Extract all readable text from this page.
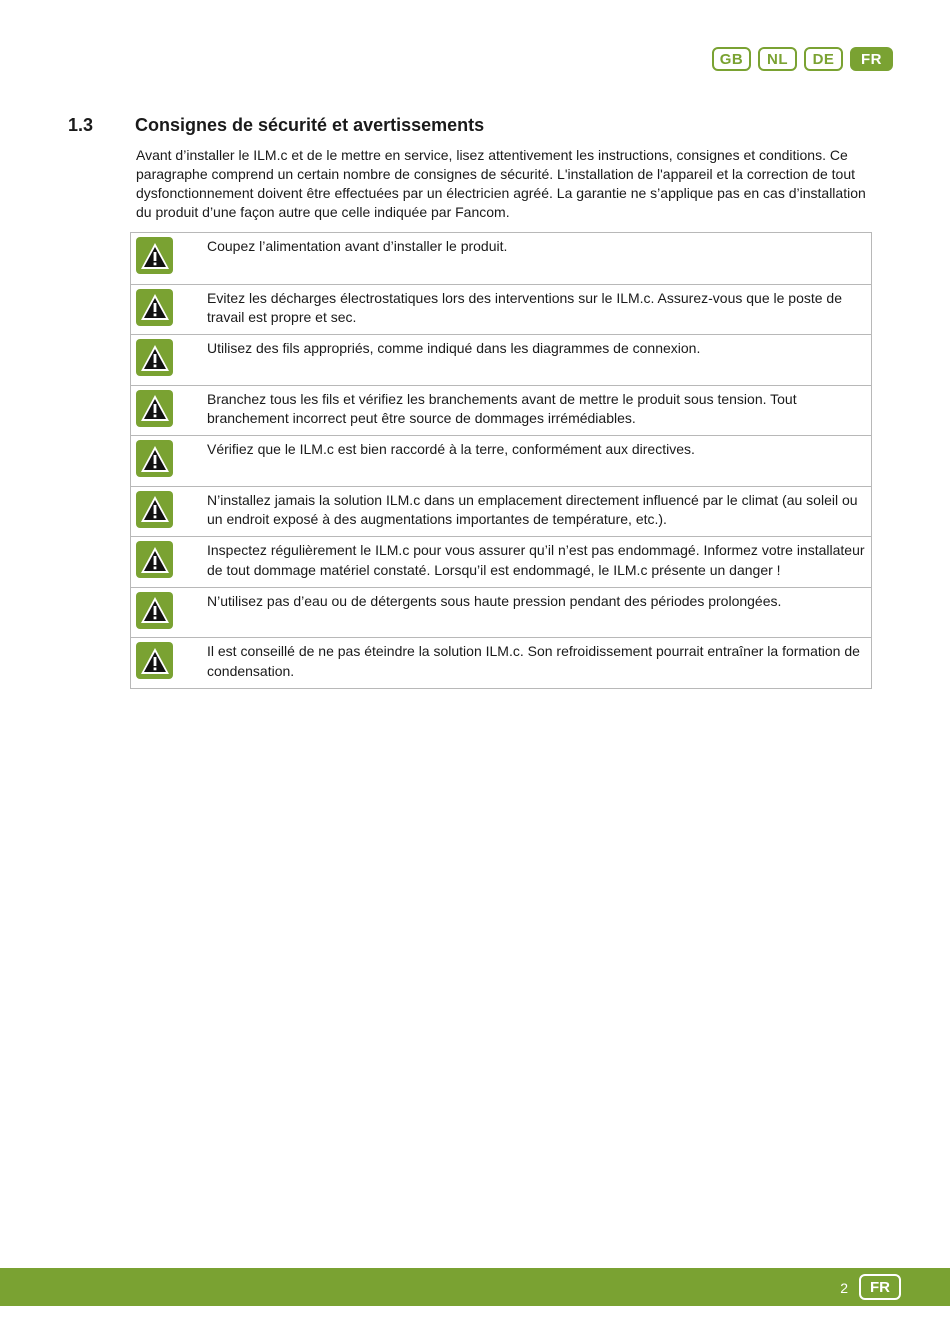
GB	NL	DE	FR
1.3 Consignes de sécurité et avertissements

Avant d’installer le ILM.c et de le mettre en service, lisez attentivement les instructions, consignes et conditions. Ce paragraphe comprend un certain nombre de consignes de sécurité. L'installation de l'appareil et la correction de tout dysfonctionnement doivent être effectuées par un électricien agréé. La garantie ne s’applique pas en cas d’installation du produit d’une façon autre que celle indiquée par Fancom.

Coupez l’alimentation avant d’installer le produit.
Evitez les décharges électrostatiques lors des interventions sur le ILM.c. Assurez-vous que le poste de travail est propre et sec.
Utilisez des fils appropriés, comme indiqué dans les diagrammes de connexion.
Branchez tous les fils et vérifiez les branchements avant de mettre le produit sous tension. Tout branchement incorrect peut être source de dommages irrémédiables.
Vérifiez que le ILM.c est bien raccordé à la terre, conformément aux directives.
N’installez jamais la solution ILM.c dans un emplacement directement influencé par le climat (au soleil ou un endroit exposé à des augmentations importantes de température, etc.).
Inspectez régulièrement le ILM.c pour vous assurer qu’il n’est pas endommagé. Informez votre installateur de tout dommage matériel constaté. Lorsqu’il est endommagé, le ILM.c présente un danger !
N’utilisez pas d’eau ou de détergents sous haute pression pendant des périodes prolongées.
Il est conseillé de ne pas éteindre la solution ILM.c. Son refroidissement pourrait entraîner la formation de condensation.
2	FR
